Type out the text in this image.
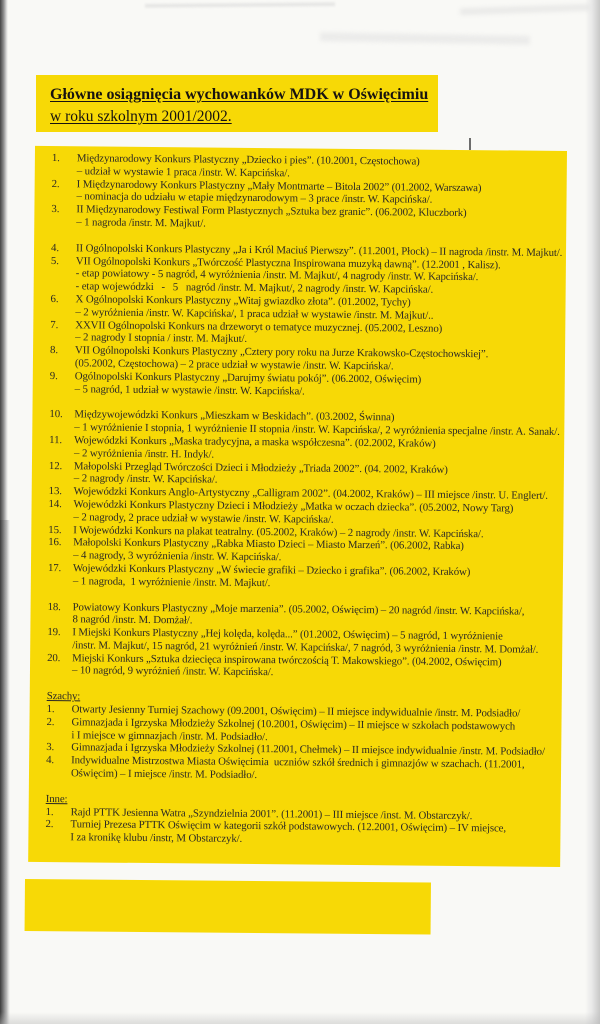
Główne osiągnięcia wychowanków MDK w Oświęcimiu
w roku szkolnym 2001/2002.
1.	Międzynarodowy Konkurs Plastyczny „Dziecko i pies”. (10.2001, Częstochowa)
– udział w wystawie 1 praca /instr. W. Kapcińska/.
2.	I Międzynarodowy Konkurs Plastyczny „Mały Montmarte – Bitola 2002” (01.2002, Warszawa)
– nominacja do udziału w etapie międzynarodowym – 3 prace /instr. W. Kapcińska/.
3.	II Międzynarodowy Festiwal Form Plastycznych „Sztuka bez granic”. (06.2002, Kluczbork)
– 1 nagroda /instr. M. Majkut/.
4.	II Ogólnopolski Konkurs Plastyczny „Ja i Król Maciuś Pierwszy”. (11.2001, Płock) – II nagroda /instr. M. Majkut/.
5.	VII Ogólnopolski Konkurs „Twórczość Plastyczna Inspirowana muzyką dawną”. (12.2001 , Kalisz).
- etap powiatowy - 5 nagród, 4 wyróżnienia /instr. M. Majkut/, 4 nagrody /instr. W. Kapcińska/.
- etap wojewódzki   -   5   nagród /instr. M. Majkut/, 2 nagrody /instr. W. Kapcińska/.
6.	X Ogólnopolski Konkurs Plastyczny „Witaj gwiazdko złota”. (01.2002, Tychy)
– 2 wyróżnienia /instr. W. Kapcińska/, 1 praca udział w wystawie /instr. M. Majkut/..
7.	XXVII Ogólnopolski Konkurs na drzeworyt o tematyce muzycznej. (05.2002, Leszno)
– 2 nagrody I stopnia / instr. M. Majkut/.
8.	VII Ogólnopolski Konkurs Plastyczny „Cztery pory roku na Jurze Krakowsko-Częstochowskiej”.
(05.2002, Częstochowa) – 2 prace udział w wystawie /instr. W. Kapcińska/.
9.	Ogólnopolski Konkurs Plastyczny „Darujmy światu pokój”. (06.2002, Oświęcim)
– 5 nagród, 1 udział w wystawie /instr. W. Kapcińska/.
10.	Międzywojewódzki Konkurs „Mieszkam w Beskidach”. (03.2002, Świnna)
– 1 wyróżnienie I stopnia, 1 wyróżnienie II stopnia /instr. W. Kapcińska/, 2 wyróżnienia specjalne /instr. A. Sanak/.
11.	Wojewódzki Konkurs „Maska tradycyjna, a maska współczesna”. (02.2002, Kraków)
– 2 wyróżnienia /instr. H. Indyk/.
12.	Małopolski Przegląd Twórczości Dzieci i Młodzieży „Triada 2002”. (04. 2002, Kraków)
– 2 nagrody /instr. W. Kapcińska/.
13.	Wojewódzki Konkurs Anglo-Artystyczny „Calligram 2002”. (04.2002, Kraków) – III miejsce /instr. U. Englert/.
14.	Wojewódzki Konkurs Plastyczny Dzieci i Młodzieży „Matka w oczach dziecka”. (05.2002, Nowy Targ)
– 2 nagrody, 2 prace udział w wystawie /instr. W. Kapcińska/.
15.	I Wojewódzki Konkurs na plakat teatralny. (05.2002, Kraków) – 2 nagrody /instr. W. Kapcińska/.
16.	Małopolski Konkurs Plastyczny „Rabka Miasto Dzieci – Miasto Marzeń”. (06.2002, Rabka)
– 4 nagrody, 3 wyróżnienia /instr. W. Kapcińska/.
17.	Wojewódzki Konkurs Plastyczny „W świecie grafiki – Dziecko i grafika”. (06.2002, Kraków)
– 1 nagroda,  1 wyróżnienie /instr. M. Majkut/.
18.	Powiatowy Konkurs Plastyczny „Moje marzenia”. (05.2002, Oświęcim) – 20 nagród /instr. W. Kapcińska/,
8 nagród /instr. M. Domżał/.
19.	I Miejski Konkurs Plastyczny „Hej kolęda, kolęda...” (01.2002, Oświęcim) – 5 nagród, 1 wyróżnienie
/instr. M. Majkut/, 15 nagród, 21 wyróżnień /instr. W. Kapcińska/, 7 nagród, 3 wyróżnienia /instr. M. Domżał/.
20.	Miejski Konkurs „Sztuka dziecięca inspirowana twórczością T. Makowskiego”. (04.2002, Oświęcim)
– 10 nagród, 9 wyróżnień /instr. W. Kapcińska/.
Szachy:
1.	Otwarty Jesienny Turniej Szachowy (09.2001, Oświęcim) – II miejsce indywidualnie /instr. M. Podsiadło/
2.	Gimnazjada i Igrzyska Młodzieży Szkolnej (10.2001, Oświęcim) – II miejsce w szkołach podstawowych
i I miejsce w gimnazjach /instr. M. Podsiadło/.
3.	Gimnazjada i Igrzyska Młodzieży Szkolnej (11.2001, Chełmek) – II miejsce indywidualnie /instr. M. Podsiadło/
4.	Indywidualne Mistrzostwa Miasta Oświęcimia  uczniów szkół średnich i gimnazjów w szachach. (11.2001,
Oświęcim) – I miejsce /instr. M. Podsiadło/.
Inne:
1.	Rajd PTTK Jesienna Watra „Szyndzielnia 2001”. (11.2001) – III miejsce /inst. M. Obstarczyk/.
2.	Turniej Prezesa PTTK Oświęcim w kategorii szkół podstawowych. (12.2001, Oświęcim) – IV miejsce,
I za kronikę klubu /instr, M Obstarczyk/.
